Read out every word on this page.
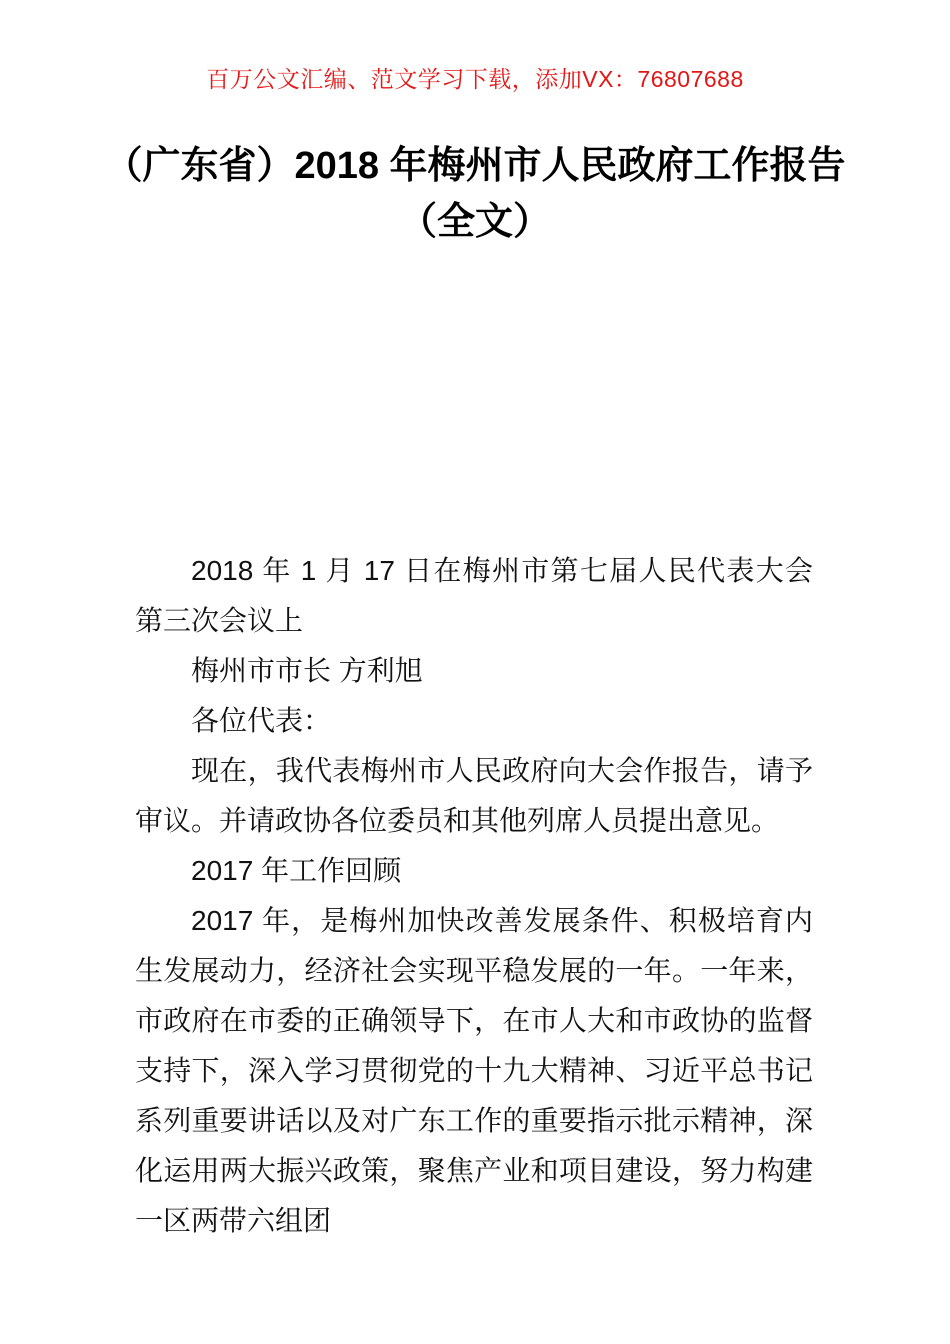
百万公文汇编、范文学习下载，添加VX：76807688
（广东省）2018 年梅州市人民政府工作报告（全文）

2018 年 1 月 17 日在梅州市第七届人民代表大会第三次会议上

梅州市市长 方利旭

各位代表：

现在，我代表梅州市人民政府向大会作报告，请予审议。并请政协各位委员和其他列席人员提出意见。

2017 年工作回顾

2017 年，是梅州加快改善发展条件、积极培育内生发展动力，经济社会实现平稳发展的一年。一年来，市政府在市委的正确领导下，在市人大和市政协的监督支持下，深入学习贯彻党的十九大精神、习近平总书记系列重要讲话以及对广东工作的重要指示批示精神，深化运用两大振兴政策，聚焦产业和项目建设，努力构建一区两带六组团
